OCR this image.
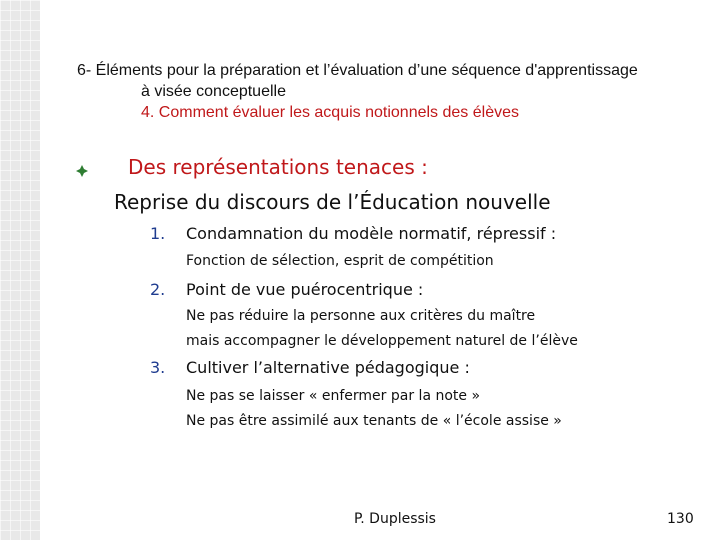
6- Éléments pour la préparation et l’évaluation d’une séquence d'apprentissage
à visée conceptuelle
4. Comment évaluer les acquis notionnels des élèves
Des représentations tenaces :
Reprise du discours de l’Éducation nouvelle
1. Condamnation du modèle normatif, répressif :
Fonction de sélection, esprit de compétition
2. Point de vue puérocentrique :
Ne pas réduire la personne aux critères du maître
mais accompagner le développement naturel de l’élève
3. Cultiver l’alternative pédagogique :
Ne pas se laisser « enfermer par la note »
Ne pas être assimilé aux tenants de « l’école assise »
P. Duplessis	130
